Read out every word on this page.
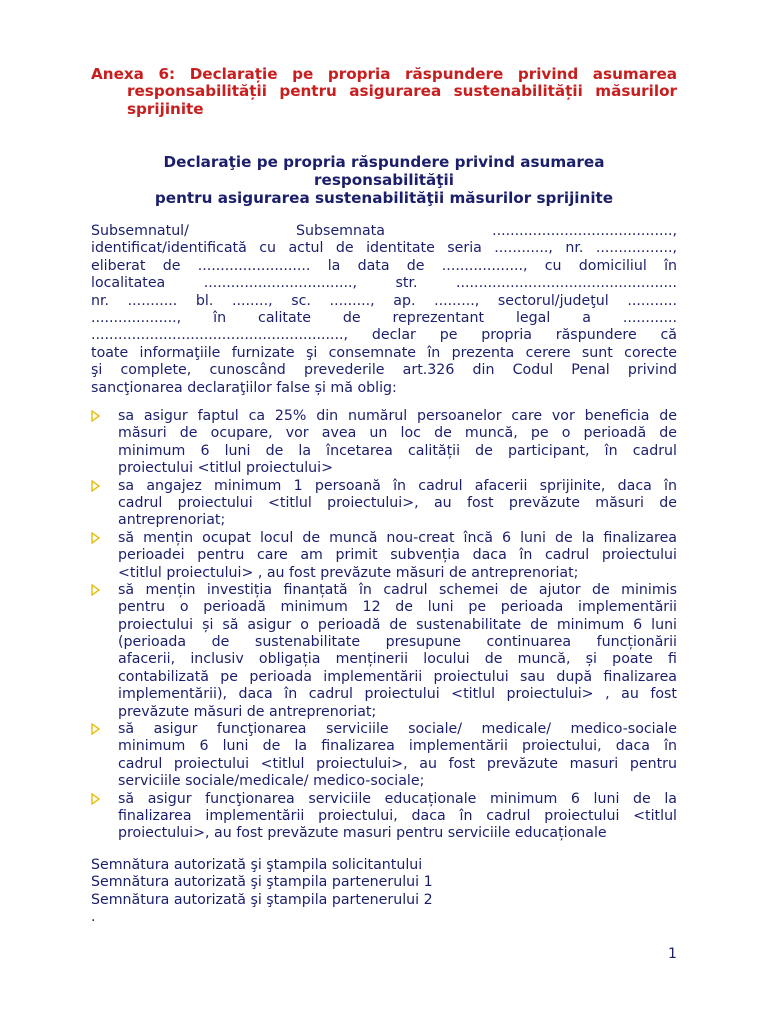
Anexa 6: Declarație pe propria răspundere privind asumarea
responsabilității pentru asigurarea sustenabilității măsurilor
sprijinite
Declaraţie pe propria răspundere privind asumarea
responsabilităţii
pentru asigurarea sustenabilităţii măsurilor sprijinite
Subsemnatul/ Subsemnata ........................................,
identificat/identificată cu actul de identitate seria ............, nr. .................,
eliberat de ......................... la data de .................., cu domiciliul în
localitatea ................................., str. .................................................
nr. ........... bl. ........, sc. ........., ap. ........., sectorul/judeţul ...........
..................., în calitate de reprezentant legal a ............
........................................................, declar pe propria răspundere că
toate informaţiile furnizate şi consemnate în prezenta cerere sunt corecte
şi complete, cunoscând prevederile art.326 din Codul Penal privind
sancţionarea declaraţiilor false și mă oblig:
sa asigur faptul ca 25% din numărul persoanelor care vor beneficia de
măsuri de ocupare, vor avea un loc de muncă, pe o perioadă de
minimum 6 luni de la încetarea calității de participant, în cadrul
proiectului <titlul proiectului>
sa angajez minimum 1 persoană în cadrul afacerii sprijinite, daca în
cadrul proiectului <titlul proiectului>, au fost prevăzute măsuri de
antreprenoriat;
să mențin ocupat locul de muncă nou-creat încă 6 luni de la finalizarea
perioadei pentru care am primit subvenția daca în cadrul proiectului
<titlul proiectului> , au fost prevăzute măsuri de antreprenoriat;
să mențin investiția finanțată în cadrul schemei de ajutor de minimis
pentru o perioadă minimum 12 de luni pe perioada implementării
proiectului și să asigur o perioadă de sustenabilitate de minimum 6 luni
(perioada de sustenabilitate presupune continuarea funcționării
afacerii, inclusiv obligația menținerii locului de muncă, și poate fi
contabilizată pe perioada implementării proiectului sau după finalizarea
implementării), daca în cadrul proiectului <titlul proiectului> , au fost
prevăzute măsuri de antreprenoriat;
să asigur funcţionarea serviciile sociale/ medicale/ medico-sociale
minimum 6 luni de la finalizarea implementării proiectului, daca în
cadrul proiectului <titlul proiectului>, au fost prevăzute masuri pentru
serviciile sociale/medicale/ medico-sociale;
să asigur funcţionarea serviciile educaționale minimum 6 luni de la
finalizarea implementării proiectului, daca în cadrul proiectului <titlul
proiectului>, au fost prevăzute masuri pentru serviciile educaționale
Semnătura autorizată şi ştampila solicitantului
Semnătura autorizată şi ştampila partenerului 1
Semnătura autorizată şi ştampila partenerului 2
.
1
